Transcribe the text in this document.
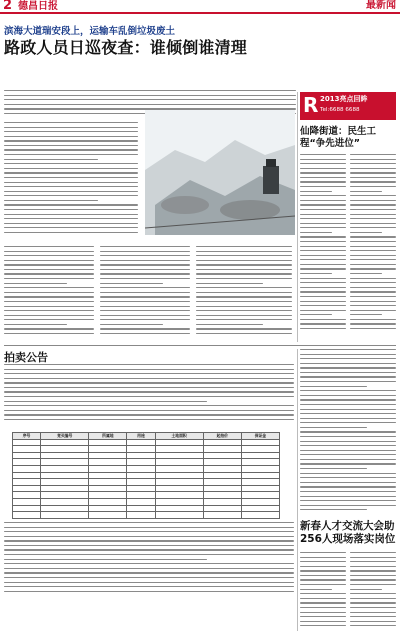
2 德昌日报	最新闻
滨海大道瑞安段上，运输车乱倒垃圾废土
路政人员日巡夜查：谁倾倒谁清理
R 2013亮点回眸
Tel:6688 6688
仙降街道：民生工程“争先进位”
拍卖公告
序号	竞买编号	所属地	用途	土地面积	起拍价	保证金

新春人才交流大会助256人现场落实岗位
